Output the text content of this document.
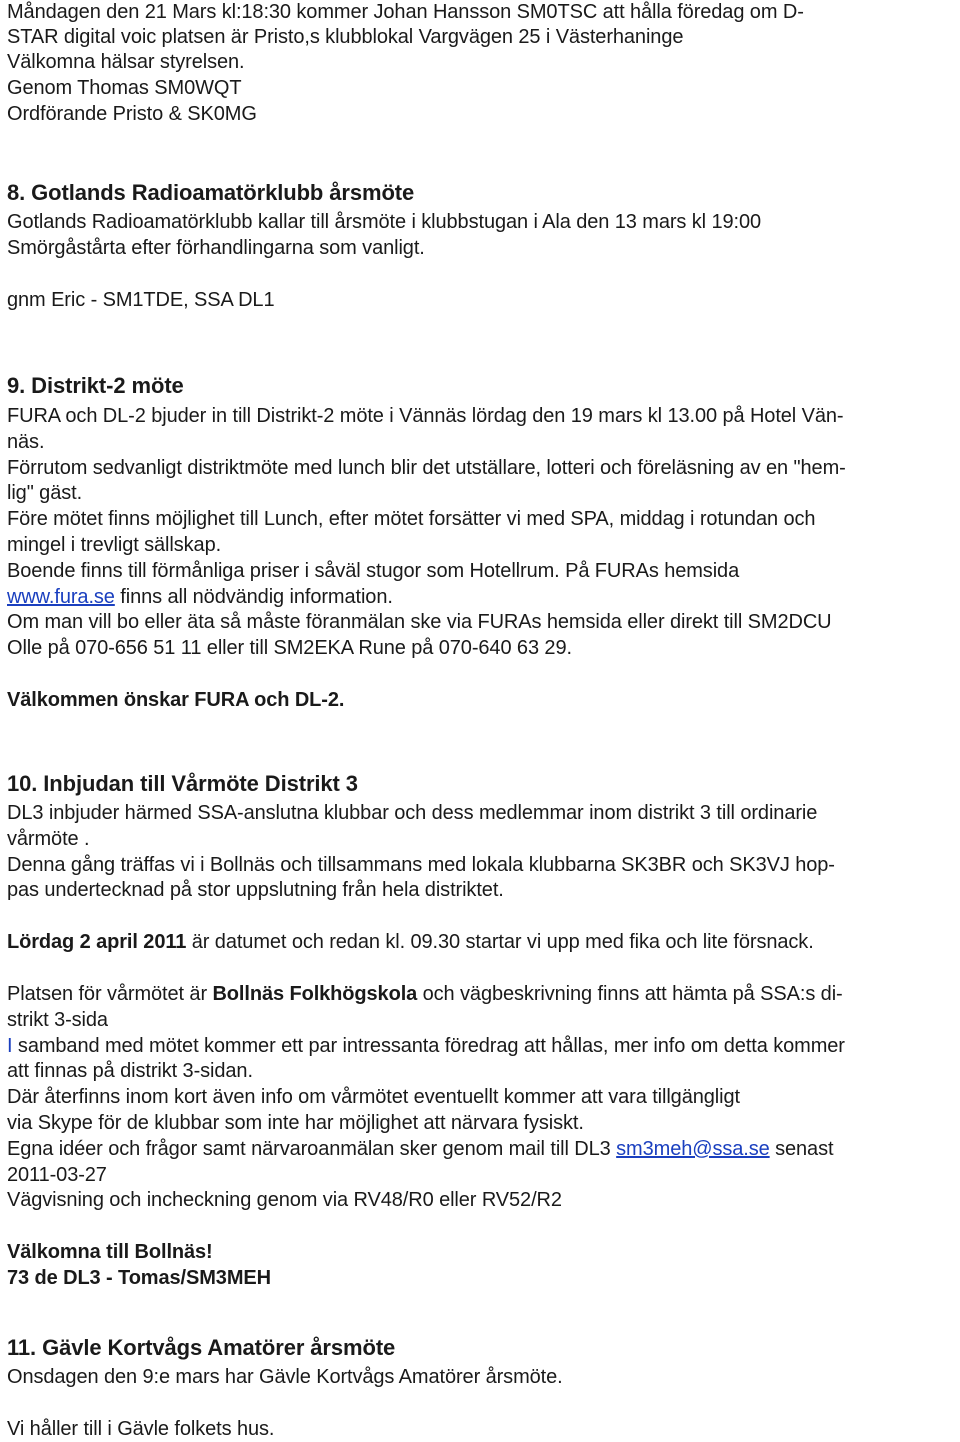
Måndagen den 21 Mars kl:18:30 kommer Johan Hansson SM0TSC att hålla föredag om D-
STAR digital voic platsen är Pristo,s klubblokal Vargvägen 25 i Västerhaninge
Välkomna hälsar styrelsen.
Genom Thomas SM0WQT
Ordförande Pristo & SK0MG
8. Gotlands Radioamatörklubb årsmöte
Gotlands Radioamatörklubb kallar till årsmöte i klubbstugan i Ala den 13 mars kl 19:00
Smörgåstårta efter förhandlingarna som vanligt.
gnm Eric - SM1TDE, SSA DL1
9. Distrikt-2 möte
FURA och DL-2 bjuder in till Distrikt-2 möte i Vännäs lördag den 19 mars kl 13.00 på Hotel Vän-
näs.
Förrutom sedvanligt distriktmöte med lunch blir det utställare, lotteri och föreläsning av en "hem-
lig" gäst.
Före mötet finns möjlighet till Lunch, efter mötet forsätter vi med SPA, middag i rotundan och
mingel i trevligt sällskap.
Boende finns till förmånliga priser i såväl stugor som Hotellrum. På FURAs hemsida
www.fura.se finns all nödvändig information.
Om man vill bo eller äta så måste föranmälan ske via FURAs hemsida eller direkt till SM2DCU
Olle på 070-656 51 11 eller till SM2EKA Rune på 070-640 63 29.
Välkommen önskar FURA och DL-2.
10. Inbjudan till Vårmöte Distrikt 3
DL3 inbjuder härmed SSA-anslutna klubbar och dess medlemmar inom distrikt 3 till ordinarie
vårmöte .
Denna gång träffas vi i Bollnäs och tillsammans med lokala klubbarna SK3BR och SK3VJ hop-
pas undertecknad på stor uppslutning från hela distriktet.
Lördag 2 april 2011 är datumet och redan kl. 09.30 startar vi upp med fika och lite försnack.
Platsen för vårmötet är Bollnäs Folkhögskola och vägbeskrivning finns att hämta på SSA:s di-
strikt 3-sida
I samband med mötet kommer ett par intressanta föredrag att hållas, mer info om detta kommer
att finnas på distrikt 3-sidan.
Där återfinns inom kort även info om vårmötet eventuellt kommer att vara tillgängligt
via Skype för de klubbar som inte har möjlighet att närvara fysiskt.
Egna idéer och frågor samt närvaroanmälan sker genom mail till DL3 sm3meh@ssa.se senast
2011-03-27
Vägvisning och incheckning genom via RV48/R0 eller RV52/R2
Välkomna till Bollnäs!
73 de DL3 - Tomas/SM3MEH
11. Gävle Kortvågs Amatörer årsmöte
Onsdagen den 9:e mars har Gävle Kortvågs Amatörer årsmöte.
Vi håller till i Gävle folkets hus.
